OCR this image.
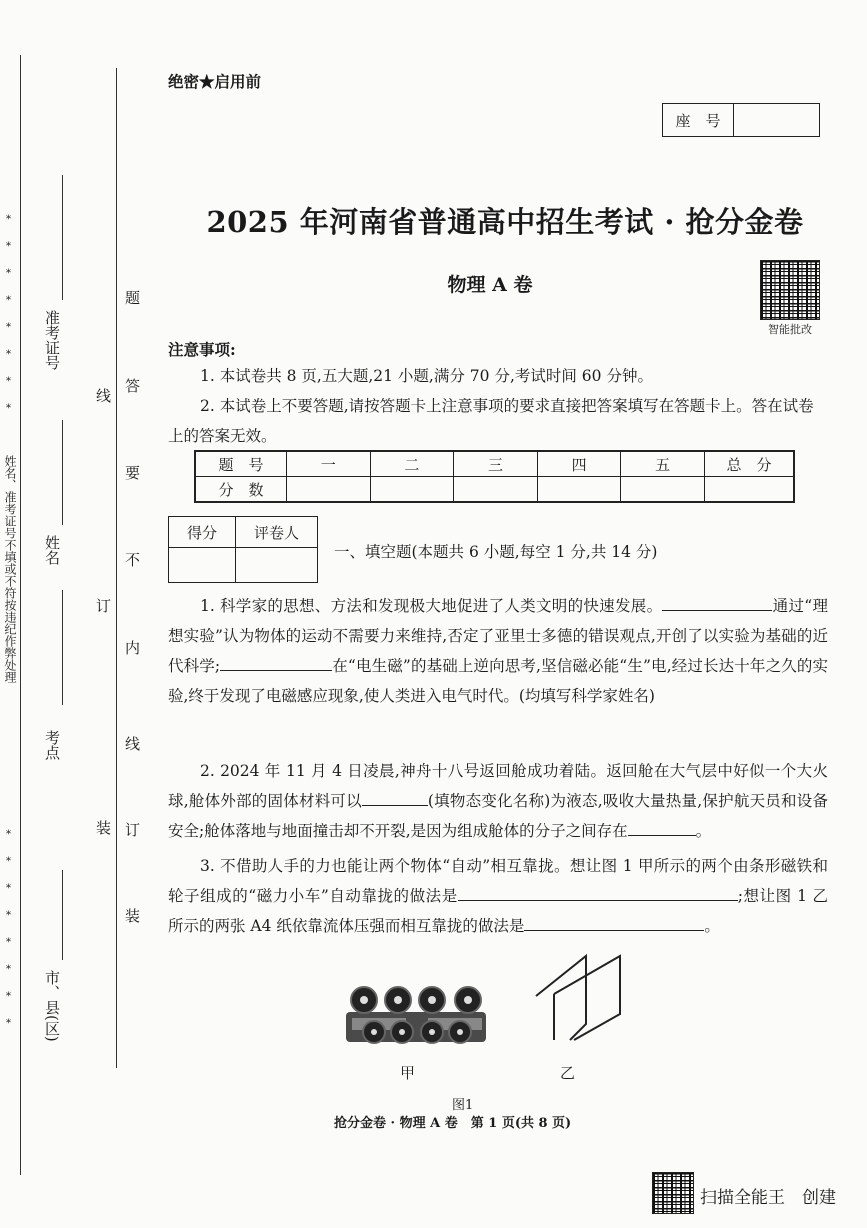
*
*
*
*
*
*
*
*
姓名、准考证号不填或不符按违纪作弊处理
*
*
*
*
*
*
*
*
准考证号
姓名
考点
市、县(区)
线
订
装
题
答
要
不
内
线
订
装
绝密★启用前
座　号
2025 年河南省普通高中招生考试 · 抢分金卷
物理 A 卷
智能批改
注意事项:
1. 本试卷共 8 页,五大题,21 小题,满分 70 分,考试时间 60 分钟。
2. 本试卷上不要答题,请按答题卡上注意事项的要求直接把答案填写在答题卡上。答在试卷上的答案无效。
题　号	一	二	三	四	五	总　分
分　数						
得分	评卷人

一、填空题(本题共 6 小题,每空 1 分,共 14 分)
1. 科学家的思想、方法和发现极大地促进了人类文明的快速发展。	通过“理想实验”认为物体的运动不需要力来维持,否定了亚里士多德的错误观点,开创了以实验为基础的近代科学;	在“电生磁”的基础上逆向思考,坚信磁必能“生”电,经过长达十年之久的实验,终于发现了电磁感应现象,使人类进入电气时代。(均填写科学家姓名)
2. 2024 年 11 月 4 日凌晨,神舟十八号返回舱成功着陆。返回舱在大气层中好似一个大火球,舱体外部的固体材料可以	(填物态变化名称)为液态,吸收大量热量,保护航天员和设备安全;舱体落地与地面撞击却不开裂,是因为组成舱体的分子之间存在	。
3. 不借助人手的力也能让两个物体“自动”相互靠拢。想让图 1 甲所示的两个由条形磁铁和轮子组成的“磁力小车”自动靠拢的做法是	;想让图 1 乙所示的两张 A4 纸依靠流体压强而相互靠拢的做法是	。
甲	乙
图1
抢分金卷 · 物理 A 卷　第 1 页(共 8 页)
扫描全能王　创建
